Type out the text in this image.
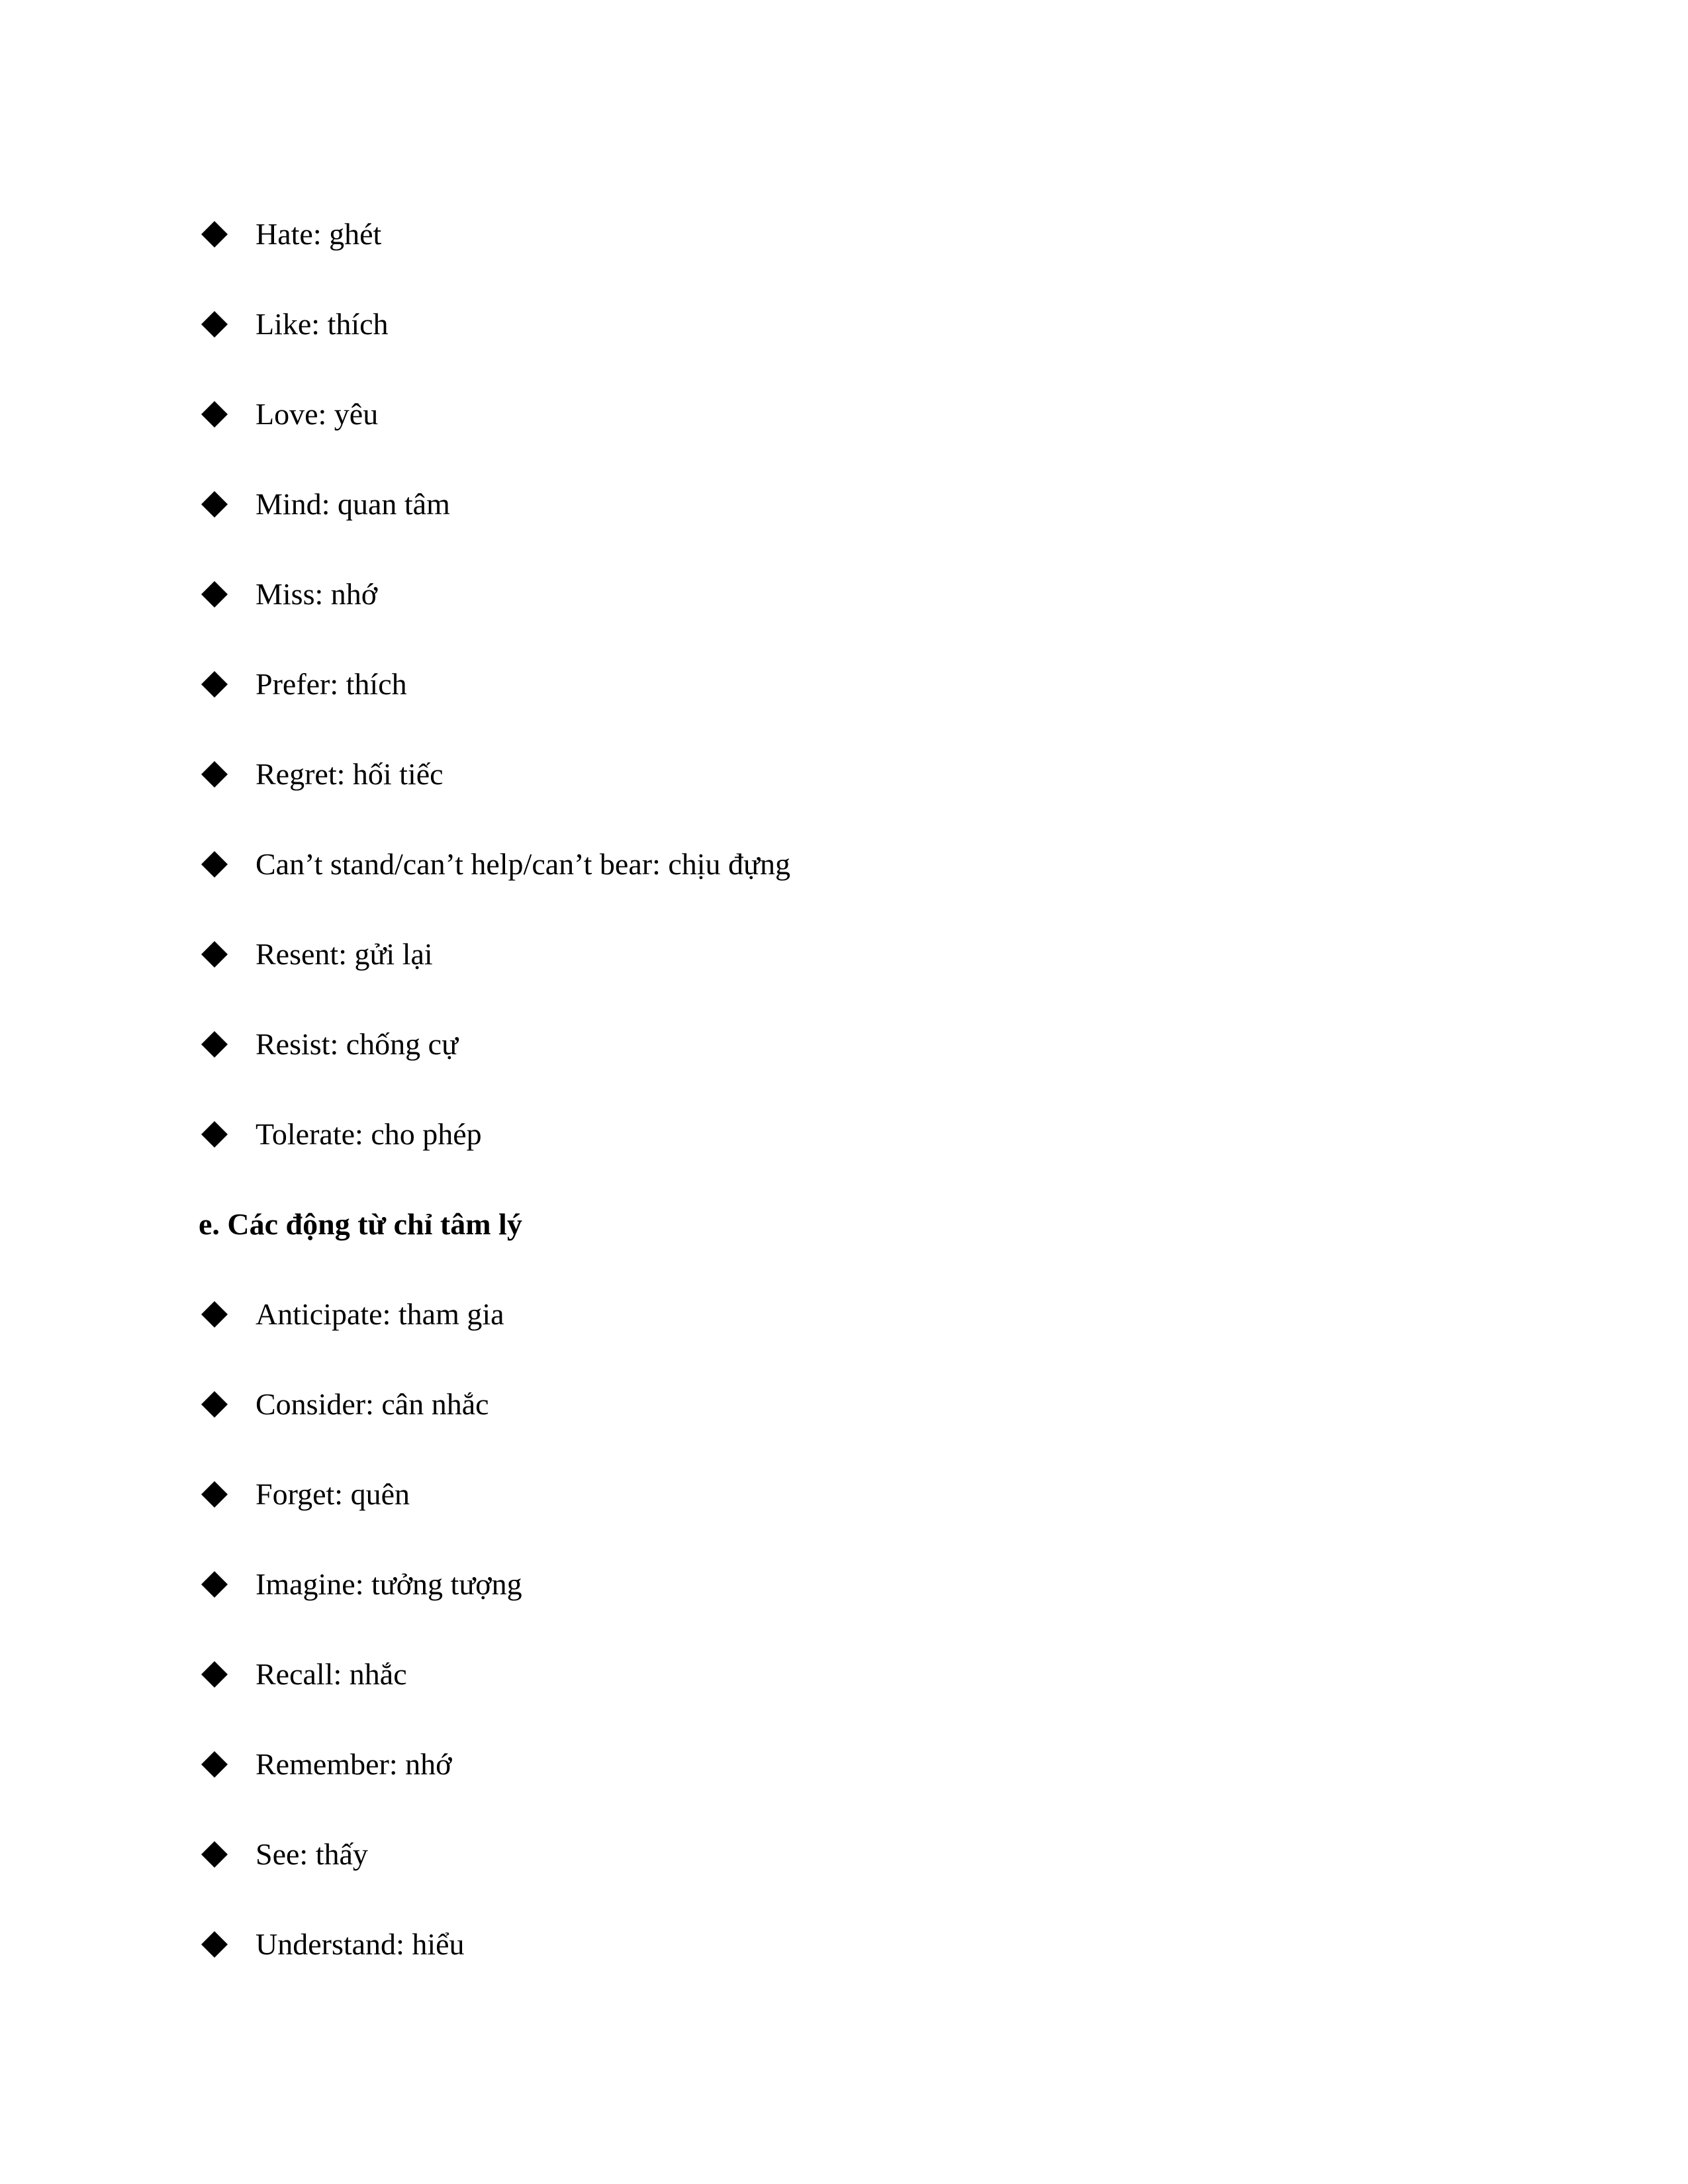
Hate : ghét
Like : thích
Love : yêu
Mind : quan tâm
Miss : nhớ
Prefer : thích
Regret : hối tiếc
Can’t stand/can’t help/can’t bear : chịu đựng
Resent : gửi lại
Resist : chống cự
Tolerate : cho phép
e. Các động từ chỉ tâm lý
Anticipate : tham gia
Consider : cân nhắc
Forget : quên
Imagine : tưởng tượng
Recall : nhắc
Remember : nhớ
See : thấy
Understand : hiểu
